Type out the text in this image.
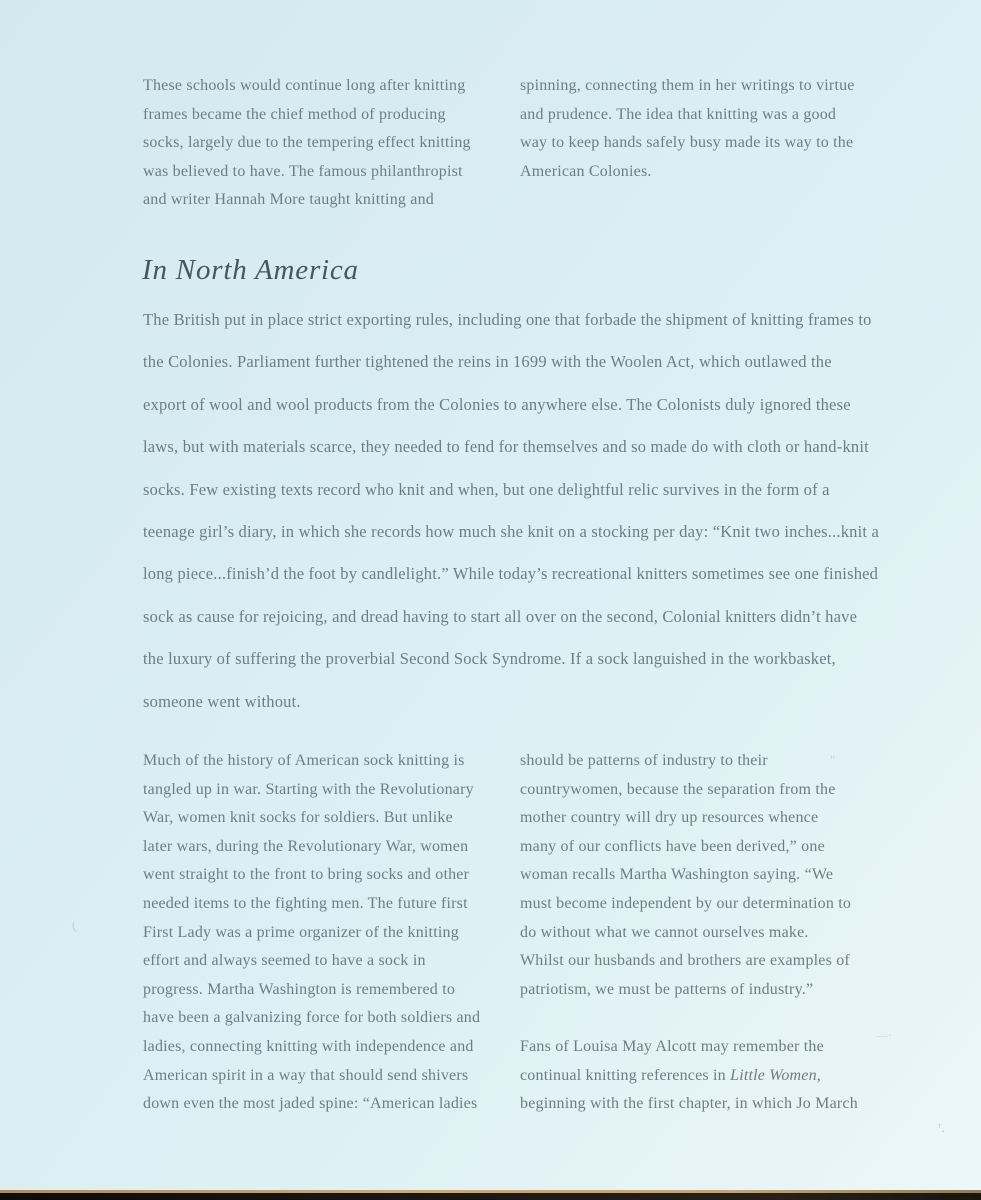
These schools would continue long after knitting
frames became the chief method of producing
socks, largely due to the tempering effect knitting
was believed to have. The famous philanthropist
and writer Hannah More taught knitting and
spinning, connecting them in her writings to virtue
and prudence. The idea that knitting was a good
way to keep hands safely busy made its way to the
American Colonies.
In North America
The British put in place strict exporting rules, including one that forbade the shipment of knitting frames to
the Colonies. Parliament further tightened the reins in 1699 with the Woolen Act, which outlawed the
export of wool and wool products from the Colonies to anywhere else. The Colonists duly ignored these
laws, but with materials scarce, they needed to fend for themselves and so made do with cloth or hand-knit
socks. Few existing texts record who knit and when, but one delightful relic survives in the form of a
teenage girl’s diary, in which she records how much she knit on a stocking per day: “Knit two inches...knit a
long piece...finish’d the foot by candlelight.” While today’s recreational knitters sometimes see one finished
sock as cause for rejoicing, and dread having to start all over on the second, Colonial knitters didn’t have
the luxury of suffering the proverbial Second Sock Syndrome. If a sock languished in the workbasket,
someone went without.
Much of the history of American sock knitting is
tangled up in war. Starting with the Revolutionary
War, women knit socks for soldiers. But unlike
later wars, during the Revolutionary War, women
went straight to the front to bring socks and other
needed items to the fighting men. The future first
First Lady was a prime organizer of the knitting
effort and always seemed to have a sock in
progress. Martha Washington is remembered to
have been a galvanizing force for both soldiers and
ladies, connecting knitting with independence and
American spirit in a way that should send shivers
down even the most jaded spine: “American ladies
should be patterns of industry to their
countrywomen, because the separation from the
mother country will dry up resources whence
many of our conflicts have been derived,” one
woman recalls Martha Washington saying. “We
must become independent by our determination to
do without what we cannot ourselves make.
Whilst our husbands and brothers are examples of
patriotism, we must be patterns of industry.”
Fans of Louisa May Alcott may remember the
continual knitting references in Little Women,
beginning with the first chapter, in which Jo March
(
„
—·
ʳ․
